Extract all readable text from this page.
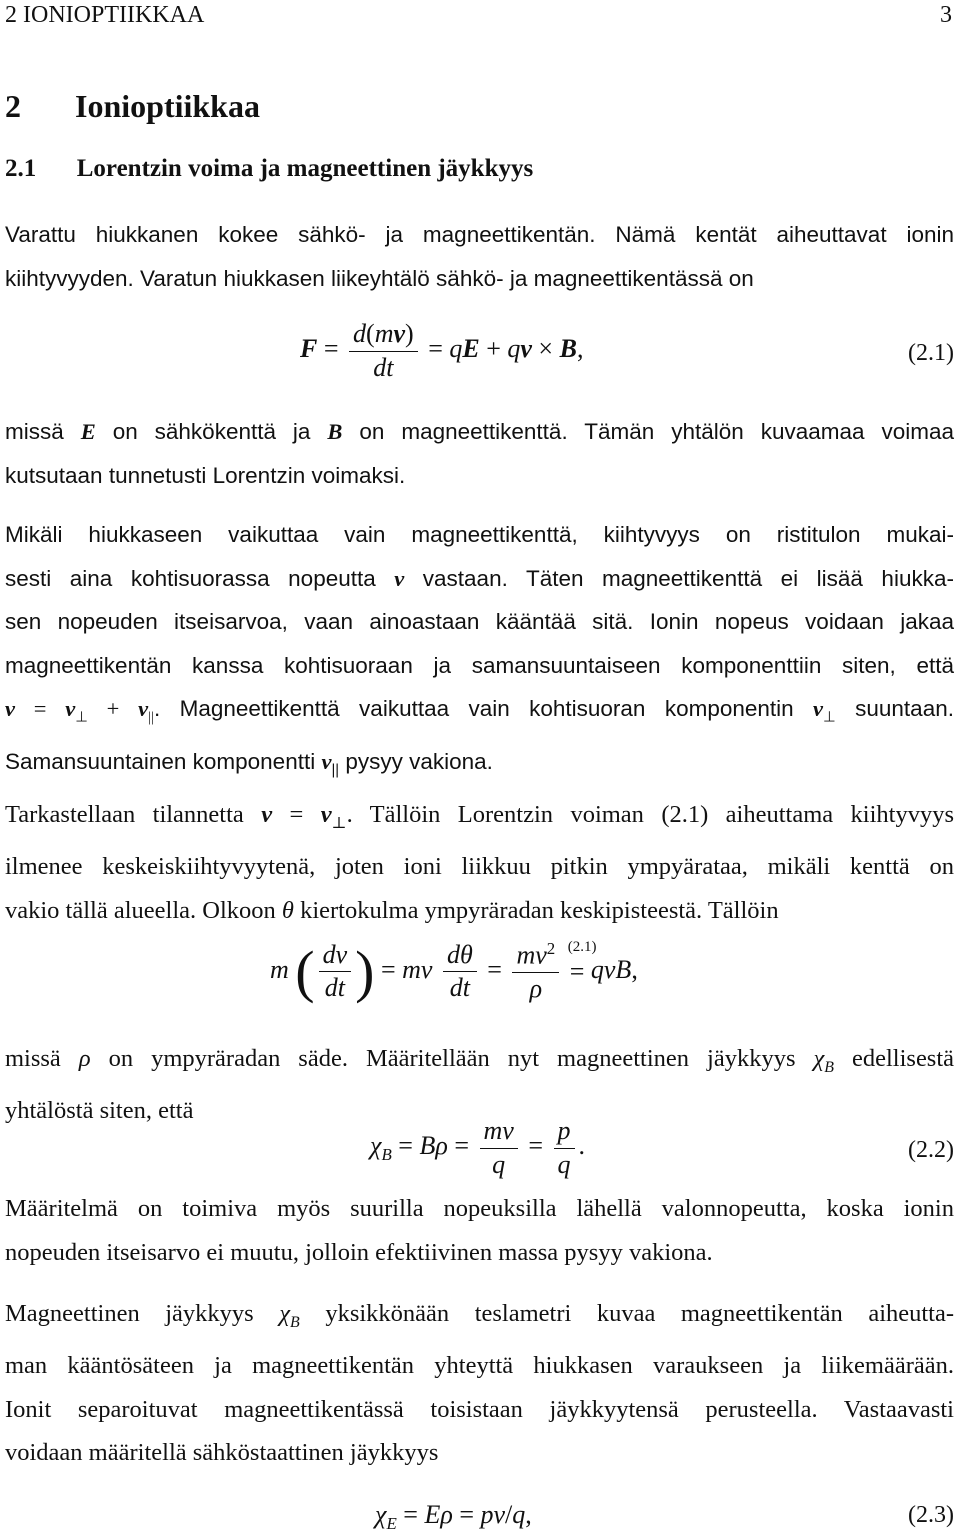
2 IONIOPTIIKKAA	3
2 Ionioptiikkaa
2.1 Lorentzin voima ja magneettinen jäykkyys
Varattu hiukkanen kokee sähkö- ja magneettikentän. Nämä kentät aiheuttavat ionin
kiihtyvyyden. Varatun hiukkasen liikeyhtälö sähkö- ja magneettikentässä on
$F = \frac{d(mv)}{dt}$ = qE + qv × B,	(2.1)
missä E on sähkökenttä ja B on magneettikenttä. Tämän yhtälön kuvaamaa voimaa
kutsutaan tunnetusti Lorentzin voimaksi.
Mikäli hiukkaseen vaikuttaa vain magneettikenttä, kiihtyvyys on ristitulon mukai-
sesti aina kohtisuorassa nopeutta v vastaan. Täten magneettikenttä ei lisää hiukka-
sen nopeuden itseisarvoa, vaan ainoastaan kääntää sitä. Ionin nopeus voidaan jakaa
magneettikentän kanssa kohtisuoraan ja samansuuntaiseen komponenttiin siten, että
$v = v_\perp + v_{||}$. Magneettikenttä vaikuttaa vain kohtisuoran komponentin $v_\perp$ suuntaan.
Samansuuntainen komponentti $v_{||}$ pysyy vakiona.
Tarkastellaan tilannetta $v = v_\perp$. Tällöin Lorentzin voiman (2.1) aiheuttama kiihtyvyys
ilmenee keskeiskiihtyvyytenä, joten ioni liikkuu pitkin ympyärataa, mikäli kenttä on
vakio tällä alueella. Olkoon θ kiertokulma ympyräradan keskipisteestä. Tällöin
m ( $\frac{dv}{dt}$ ) = mv $\frac{d\theta}{dt} = \frac{mv^2}{\rho}$
(2.1)
= qvB,
missä ρ on ympyräradan säde. Määritellään nyt magneettinen jäykkyys $\chi_B$ edellisestä
yhtälöstä siten, että
$\chi_B = B\rho = \frac{mv}{q} = \frac{p}{q}$ .	(2.2)
Määritelmä on toimiva myös suurilla nopeuksilla lähellä valonnopeutta, koska ionin
nopeuden itseisarvo ei muutu, jolloin efektiivinen massa pysyy vakiona.
Magneettinen jäykkyys $\chi_B$ yksikkönään teslametri kuvaa magneettikentän aiheutta-
man kääntösäteen ja magneettikentän yhteyttä hiukkasen varaukseen ja liikemäärään.
Ionit separoituvat magneettikentässä toisistaan jäykkyytensä perusteella. Vastaavasti
voidaan määritellä sähköstaattinen jäykkyys
$\chi_E = E\rho = pv/q$,	(2.3)
